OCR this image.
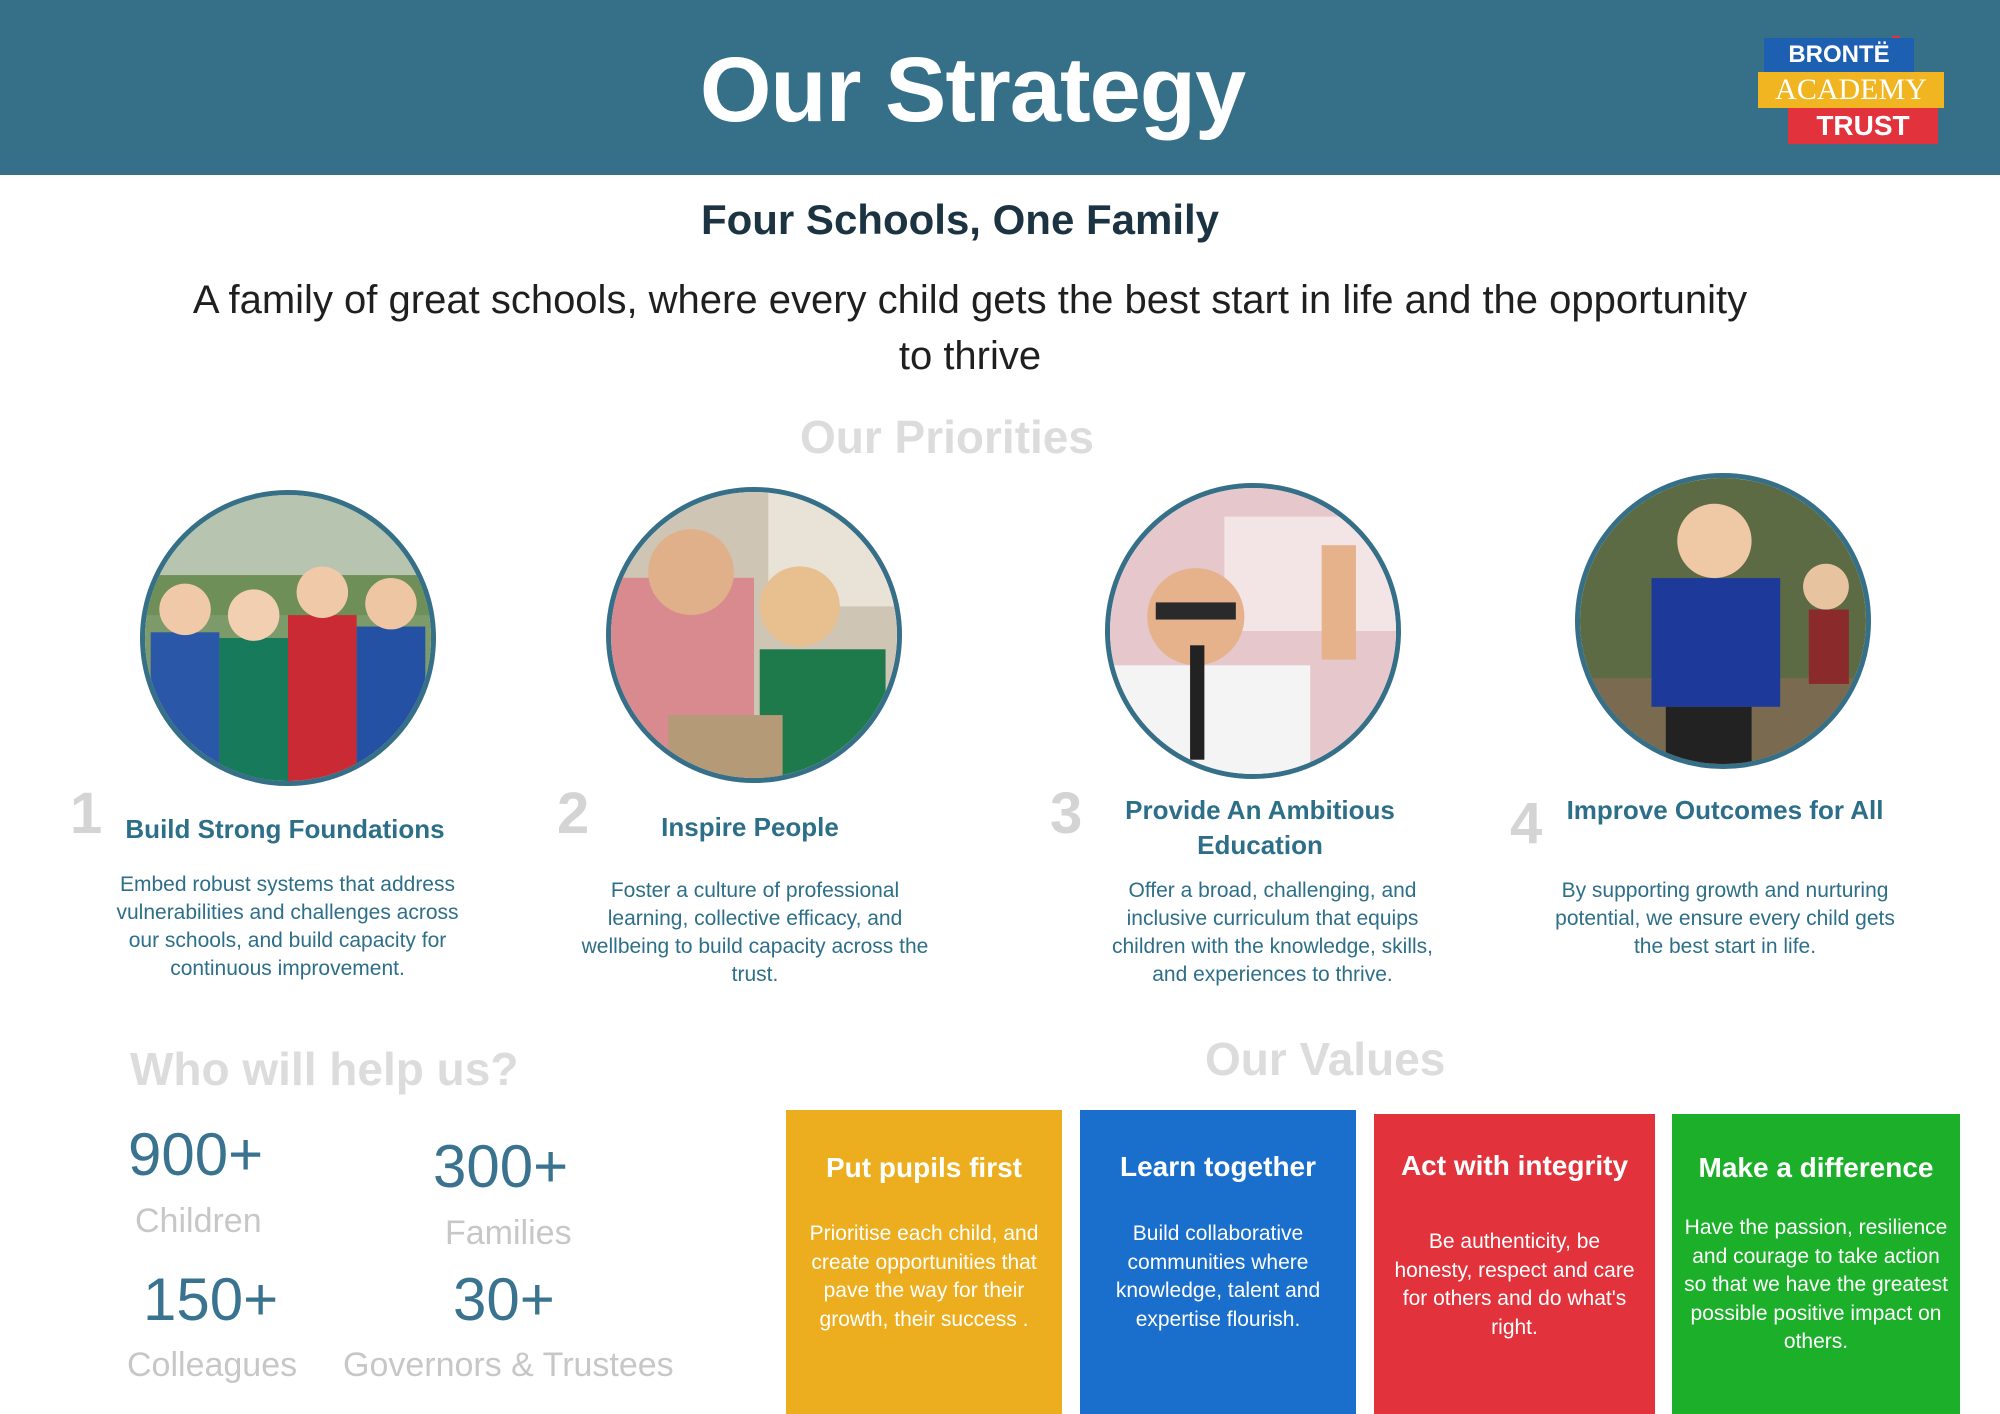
Our Strategy	BRONTË
ACADEMY
TRUST
Four Schools, One Family
A family of great schools, where every child gets the best start in life and the opportunity to thrive
Our Priorities
1 Build Strong Foundations
Embed robust systems that address vulnerabilities and challenges across our schools, and build capacity for continuous improvement.
2	Inspire People
Foster a culture of professional learning, collective efficacy, and wellbeing to build capacity across the trust.
3	Provide An Ambitious Education
Offer a broad, challenging, and inclusive curriculum that equips children with the knowledge, skills, and experiences to thrive.
4 Improve Outcomes for All
By supporting growth and nurturing potential, we ensure every child gets the best start in life.
Who will help us?
900+
Children
300+
Families
150+
Colleagues
30+
Governors & Trustees
Our Values
Put pupils first
Prioritise each child, and create opportunities that pave the way for their growth, their success .
Learn together
Build collaborative communities where knowledge, talent and expertise flourish.
Act with integrity
Be authenticity, be honesty, respect and care for others and do what's right.
Make a difference
Have the passion, resilience and courage to take action so that we have the greatest possible positive impact on others.
